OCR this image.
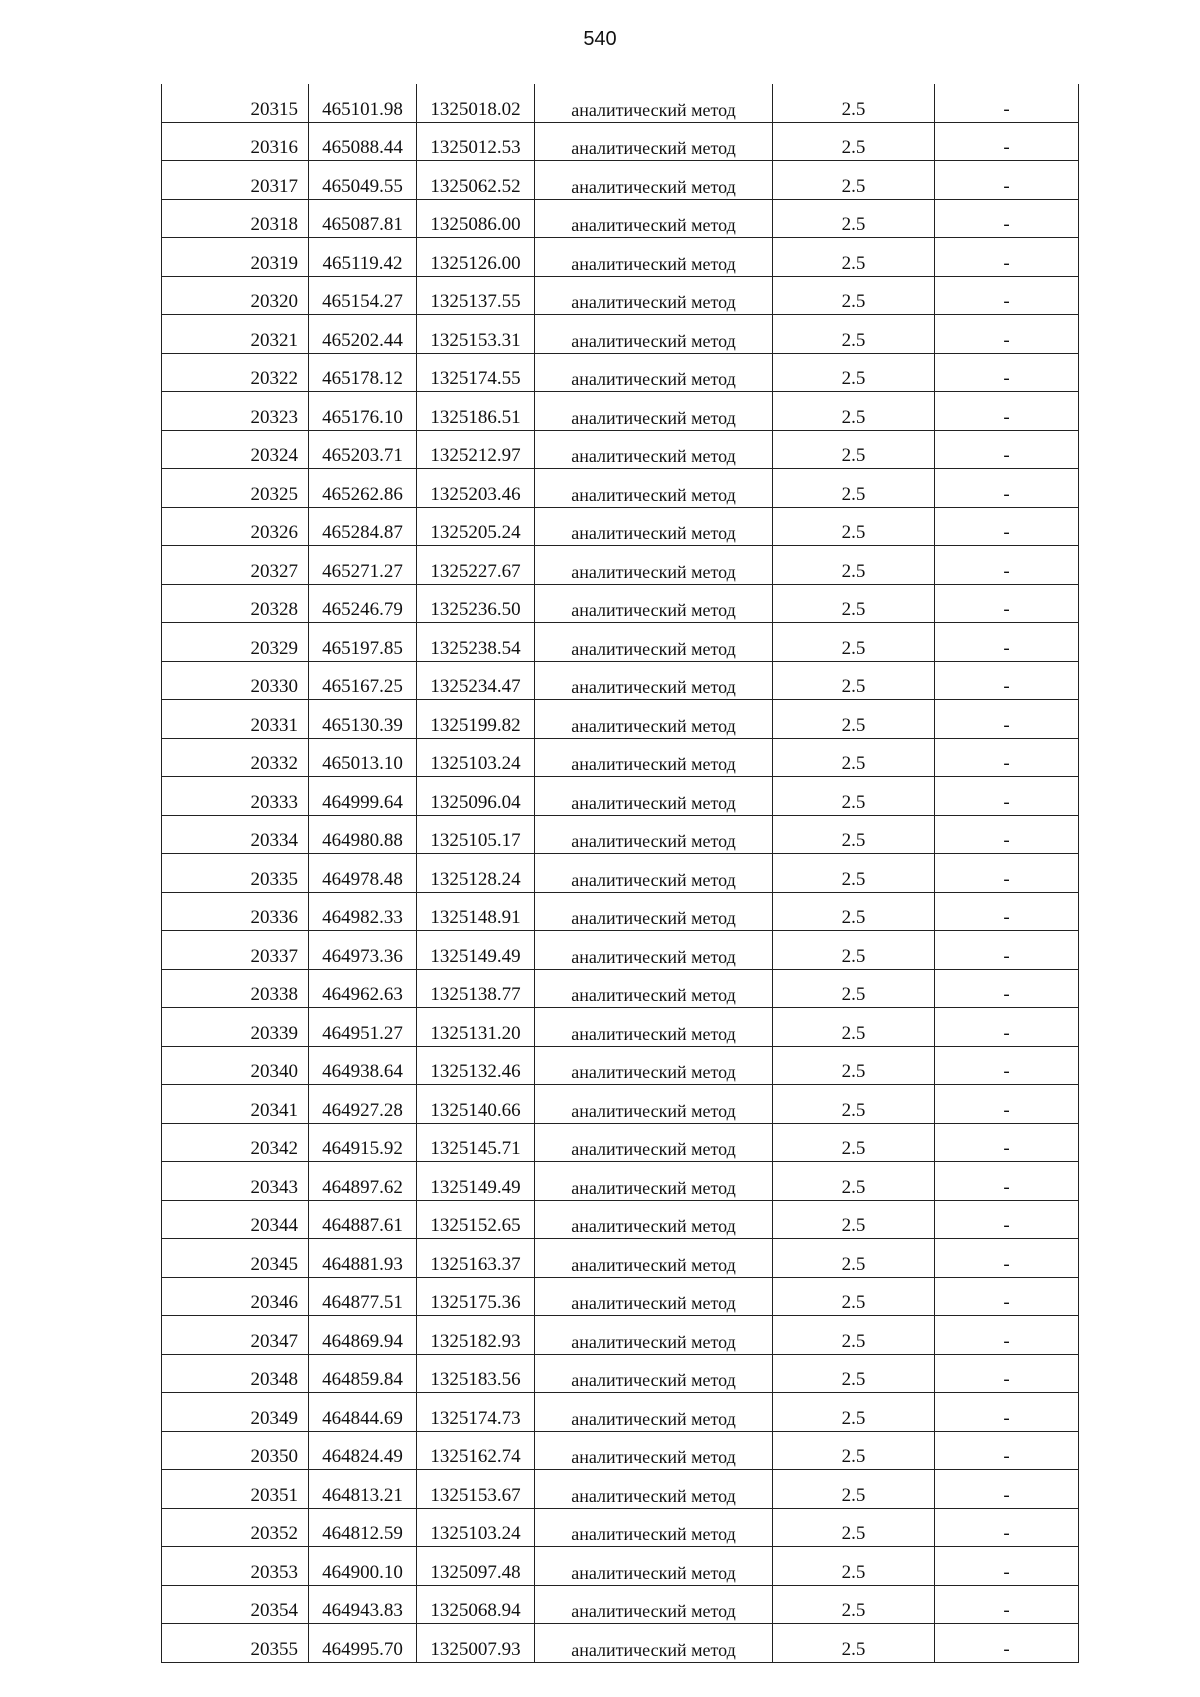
540
20315	465101.98	1325018.02	аналитический метод	2.5	-
20316	465088.44	1325012.53	аналитический метод	2.5	-
20317	465049.55	1325062.52	аналитический метод	2.5	-
20318	465087.81	1325086.00	аналитический метод	2.5	-
20319	465119.42	1325126.00	аналитический метод	2.5	-
20320	465154.27	1325137.55	аналитический метод	2.5	-
20321	465202.44	1325153.31	аналитический метод	2.5	-
20322	465178.12	1325174.55	аналитический метод	2.5	-
20323	465176.10	1325186.51	аналитический метод	2.5	-
20324	465203.71	1325212.97	аналитический метод	2.5	-
20325	465262.86	1325203.46	аналитический метод	2.5	-
20326	465284.87	1325205.24	аналитический метод	2.5	-
20327	465271.27	1325227.67	аналитический метод	2.5	-
20328	465246.79	1325236.50	аналитический метод	2.5	-
20329	465197.85	1325238.54	аналитический метод	2.5	-
20330	465167.25	1325234.47	аналитический метод	2.5	-
20331	465130.39	1325199.82	аналитический метод	2.5	-
20332	465013.10	1325103.24	аналитический метод	2.5	-
20333	464999.64	1325096.04	аналитический метод	2.5	-
20334	464980.88	1325105.17	аналитический метод	2.5	-
20335	464978.48	1325128.24	аналитический метод	2.5	-
20336	464982.33	1325148.91	аналитический метод	2.5	-
20337	464973.36	1325149.49	аналитический метод	2.5	-
20338	464962.63	1325138.77	аналитический метод	2.5	-
20339	464951.27	1325131.20	аналитический метод	2.5	-
20340	464938.64	1325132.46	аналитический метод	2.5	-
20341	464927.28	1325140.66	аналитический метод	2.5	-
20342	464915.92	1325145.71	аналитический метод	2.5	-
20343	464897.62	1325149.49	аналитический метод	2.5	-
20344	464887.61	1325152.65	аналитический метод	2.5	-
20345	464881.93	1325163.37	аналитический метод	2.5	-
20346	464877.51	1325175.36	аналитический метод	2.5	-
20347	464869.94	1325182.93	аналитический метод	2.5	-
20348	464859.84	1325183.56	аналитический метод	2.5	-
20349	464844.69	1325174.73	аналитический метод	2.5	-
20350	464824.49	1325162.74	аналитический метод	2.5	-
20351	464813.21	1325153.67	аналитический метод	2.5	-
20352	464812.59	1325103.24	аналитический метод	2.5	-
20353	464900.10	1325097.48	аналитический метод	2.5	-
20354	464943.83	1325068.94	аналитический метод	2.5	-
20355	464995.70	1325007.93	аналитический метод	2.5	-
